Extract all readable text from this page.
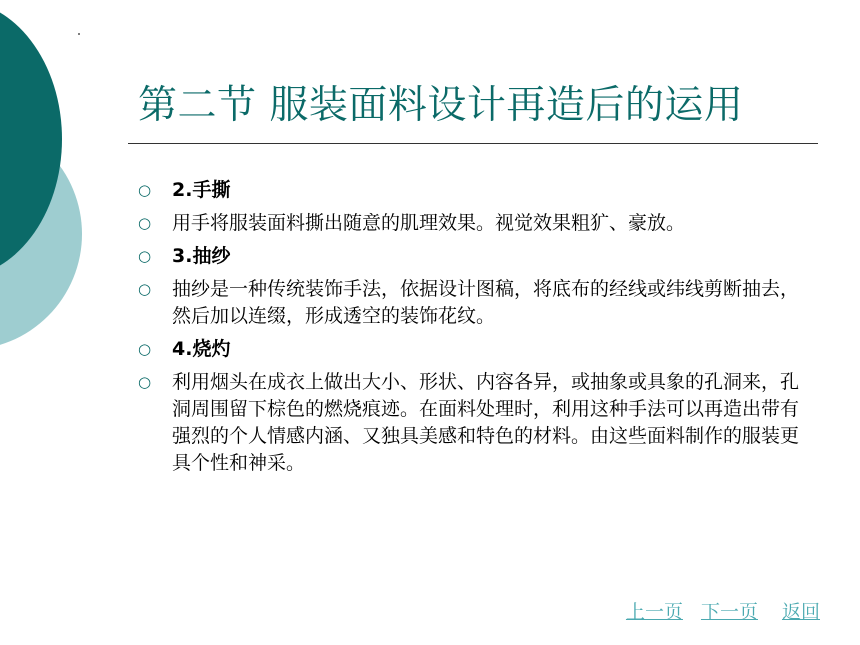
第二节 服装面料设计再造后的运用
○	2.手撕
○	用手将服装面料撕出随意的肌理效果。视觉效果粗犷、豪放。
○	3.抽纱
○	抽纱是一种传统装饰手法，依据设计图稿，将底布的经线或纬线剪断抽去，然后加以连缀，形成透空的装饰花纹。
○	4.烧灼
○	利用烟头在成衣上做出大小、形状、内容各异，或抽象或具象的孔洞来，孔洞周围留下棕色的燃烧痕迹。在面料处理时，利用这种手法可以再造出带有强烈的个人情感内涵、又独具美感和特色的材料。由这些面料制作的服装更具个性和神采。
上一页 下一页 返回
